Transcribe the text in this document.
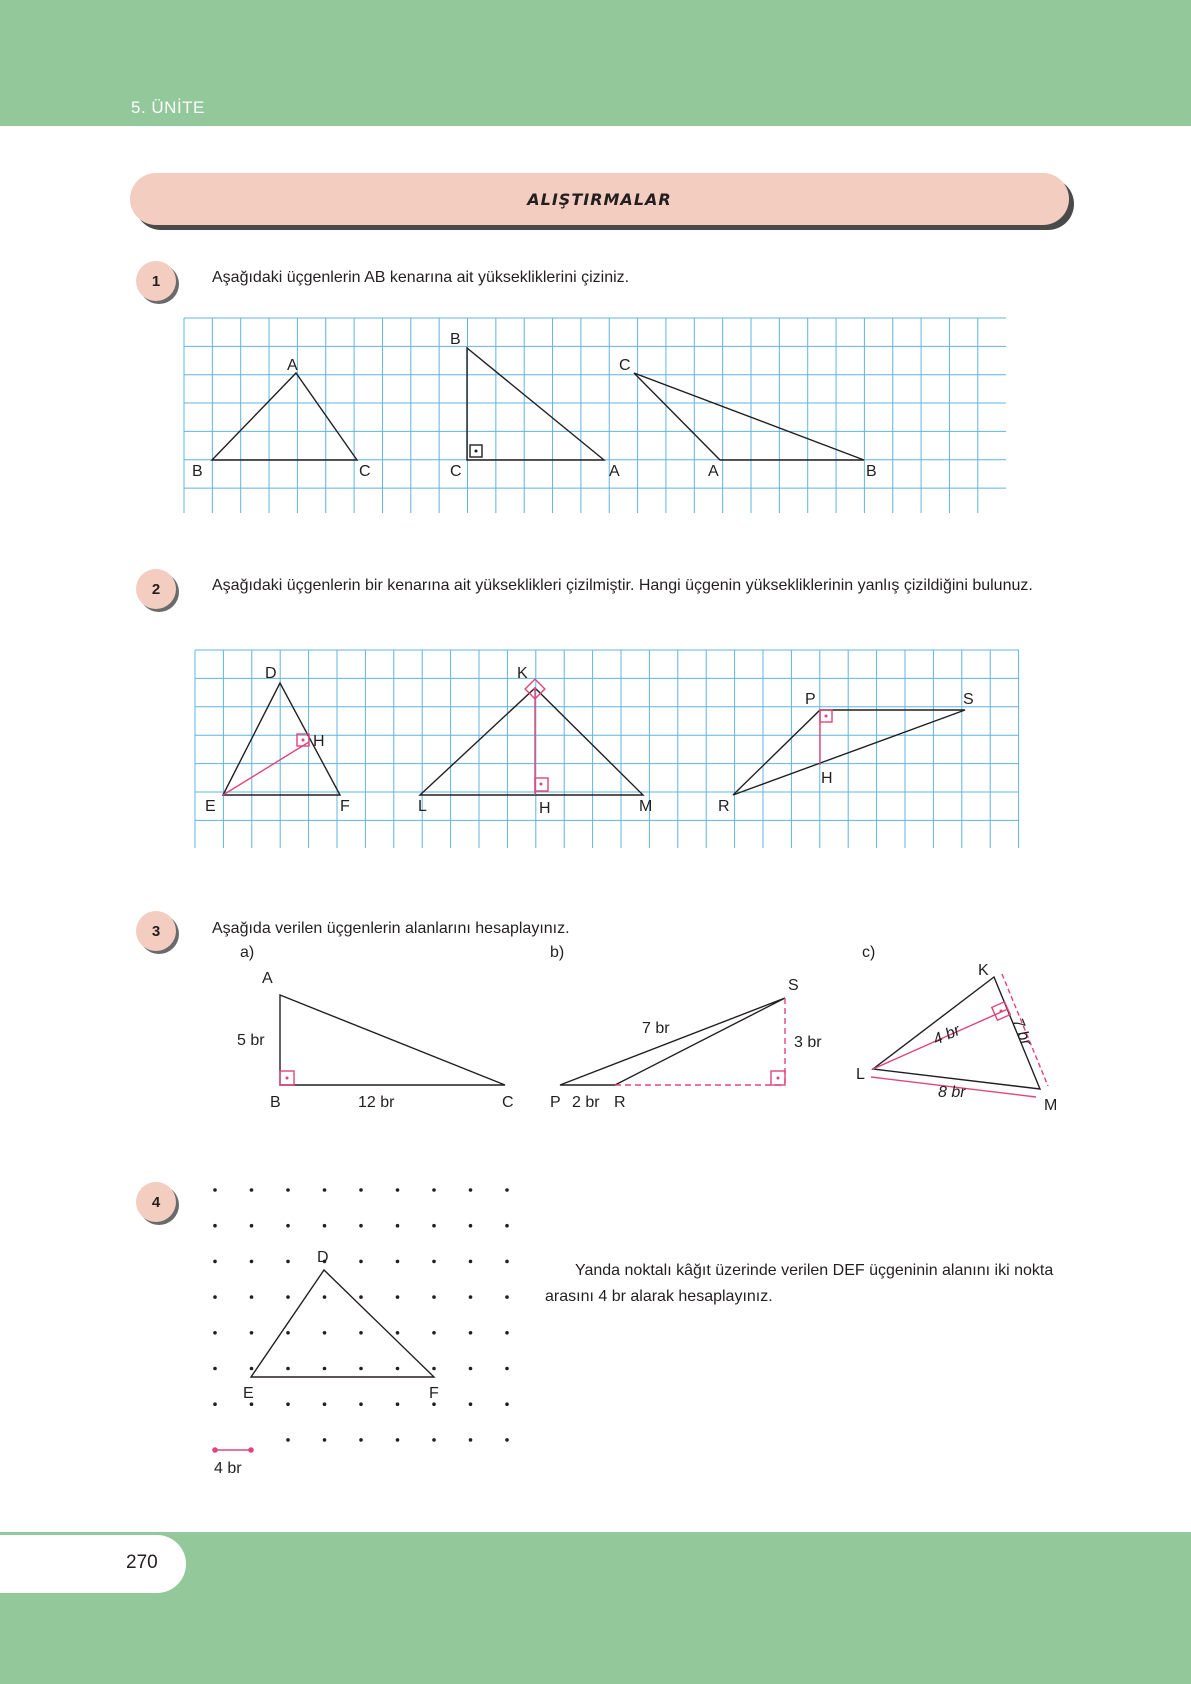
5. ÜNİTE
ALIŞTIRMALAR
1	Aşağıdaki üçgenlerin AB kenarına ait yüksekliklerini çiziniz.
A
B	C
B
C	A
C
A	B
2	Aşağıdaki üçgenlerin bir kenarına ait yükseklikleri çizilmiştir. Hangi üçgenin yüksekliklerinin yanlış çizildiğini bulunuz.
D
H
E	F
K
L	H	M
P	S
H
R
3	Aşağıda verilen üçgenlerin alanlarını hesaplayınız.
a)
A
B	C
5 br
12 br
b)
S
P	R
7 br
3 br
2 br
c)
K
L
M
4 br	7 br
8 br
4
D
E	F
4 br
Yanda noktalı kâğıt üzerinde verilen DEF üçgeninin alanını iki nokta arasını 4 br alarak hesaplayınız.
270
